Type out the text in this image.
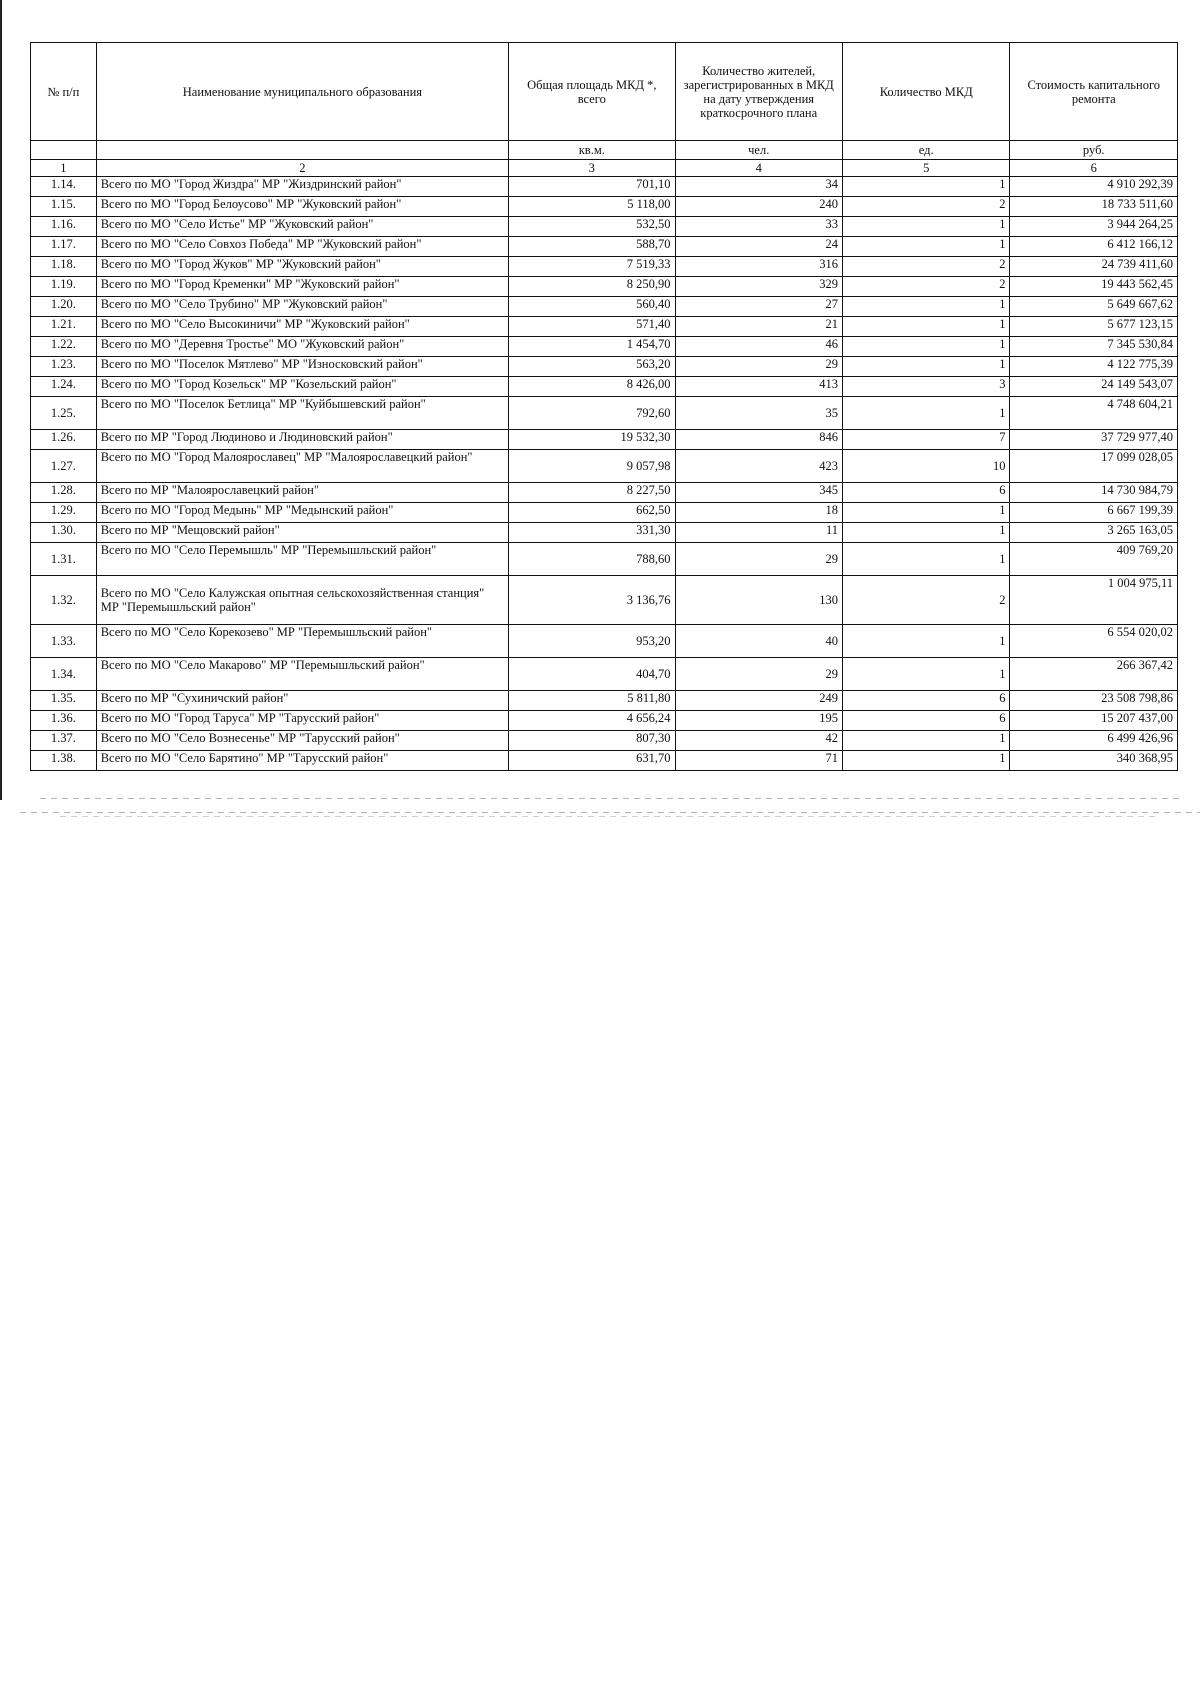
№ п/п	Наименование муниципального образования	Общая площадь МКД *, всего	Количество жителей, зарегистрированных в МКД на дату утверждения краткосрочного плана	Количество МКД	Стоимость капитального ремонта
		кв.м.	чел.	ед.	руб.
1	2	3	4	5	6
1.14.	Всего по МО "Город Жиздра" МР "Жиздринский район"	701,10	34	1	4 910 292,39
1.15.	Всего по МО "Город Белоусово" МР "Жуковский район"	5 118,00	240	2	18 733 511,60
1.16.	Всего по МО "Село Истье" МР "Жуковский район"	532,50	33	1	3 944 264,25
1.17.	Всего по МО "Село Совхоз Победа" МР "Жуковский район"	588,70	24	1	6 412 166,12
1.18.	Всего по МО "Город Жуков" МР "Жуковский район"	7 519,33	316	2	24 739 411,60
1.19.	Всего по МО "Город Кременки" МР "Жуковский район"	8 250,90	329	2	19 443 562,45
1.20.	Всего по МО "Село Трубино" МР "Жуковский район"	560,40	27	1	5 649 667,62
1.21.	Всего по МО "Село Высокиничи" МР "Жуковский район"	571,40	21	1	5 677 123,15
1.22.	Всего по МО "Деревня Тростье" МО "Жуковский район"	1 454,70	46	1	7 345 530,84
1.23.	Всего по МО "Поселок Мятлево" МР "Износковский район"	563,20	29	1	4 122 775,39
1.24.	Всего по МО "Город Козельск" МР "Козельский район"	8 426,00	413	3	24 149 543,07
1.25.	Всего по МО "Поселок Бетлица" МР "Куйбышевский район"	792,60	35	1	4 748 604,21
1.26.	Всего по МР "Город Людиново и Людиновский район"	19 532,30	846	7	37 729 977,40
1.27.	Всего по МО "Город Малоярославец" МР "Малоярославецкий район"	9 057,98	423	10	17 099 028,05
1.28.	Всего по МР "Малоярославецкий район"	8 227,50	345	6	14 730 984,79
1.29.	Всего по МО "Город Медынь" МР "Медынский район"	662,50	18	1	6 667 199,39
1.30.	Всего по МР "Мещовский район"	331,30	11	1	3 265 163,05
1.31.	Всего по МО "Село Перемышль" МР "Перемышльский район"	788,60	29	1	409 769,20
1.32.	Всего по МО "Село Калужская опытная сельскохозяйственная станция" МР "Перемышльский район"	3 136,76	130	2	1 004 975,11
1.33.	Всего по МО "Село Корекозево" МР "Перемышльский район"	953,20	40	1	6 554 020,02
1.34.	Всего по МО "Село Макарово" МР "Перемышльский район"	404,70	29	1	266 367,42
1.35.	Всего по МР "Сухиничский район"	5 811,80	249	6	23 508 798,86
1.36.	Всего по МО "Город Таруса" МР "Тарусский район"	4 656,24	195	6	15 207 437,00
1.37.	Всего по МО "Село Вознесенье" МР "Тарусский район"	807,30	42	1	6 499 426,96
1.38.	Всего по МО "Село Барятино" МР "Тарусский район"	631,70	71	1	340 368,95
